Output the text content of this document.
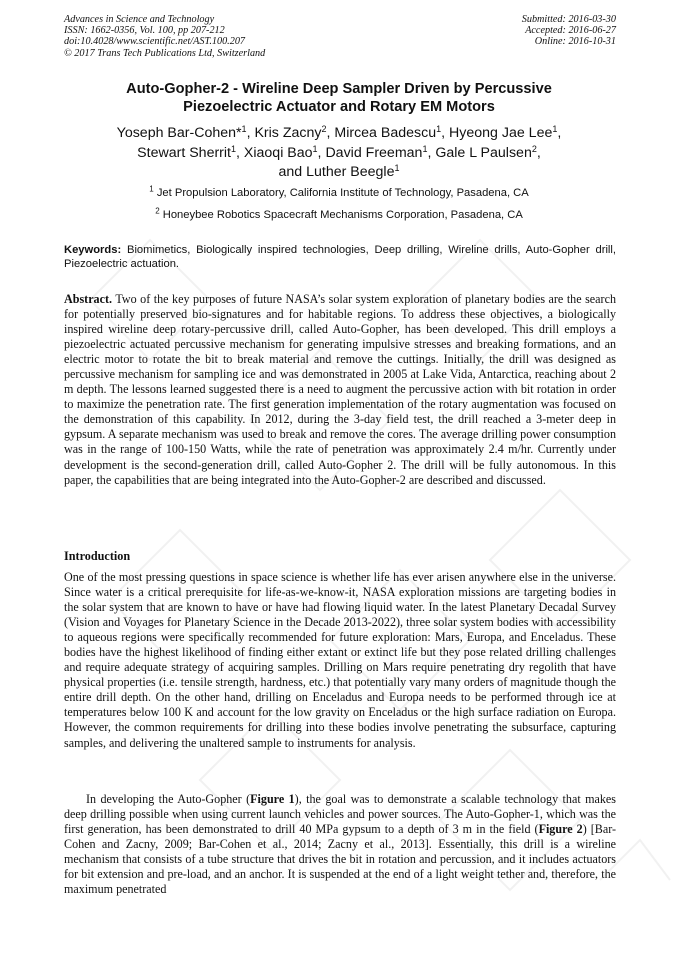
Advances in Science and Technology
ISSN: 1662-0356, Vol. 100, pp 207-212
doi:10.4028/www.scientific.net/AST.100.207
© 2017 Trans Tech Publications Ltd, Switzerland
Submitted: 2016-03-30
Accepted: 2016-06-27
Online: 2016-10-31
Auto-Gopher-2 - Wireline Deep Sampler Driven by Percussive
Piezoelectric Actuator and Rotary EM Motors
Yoseph Bar-Cohen*$^1$, Kris Zacny$^2$, Mircea Badescu$^1$, Hyeong Jae Lee$^1$,
Stewart Sherrit$^1$, Xiaoqi Bao$^1$, David Freeman$^1$, Gale L Paulsen$^2$,
and Luther Beegle$^1$
$^1$ Jet Propulsion Laboratory, California Institute of Technology, Pasadena, CA
$^2$ Honeybee Robotics Spacecraft Mechanisms Corporation, Pasadena, CA
Keywords: Biomimetics, Biologically inspired technologies, Deep drilling, Wireline drills, Auto-Gopher drill, Piezoelectric actuation.
Abstract. Two of the key purposes of future NASA’s solar system exploration of planetary bodies are the search for potentially preserved bio-signatures and for habitable regions. To address these objectives, a biologically inspired wireline deep rotary-percussive drill, called Auto-Gopher, has been developed. This drill employs a piezoelectric actuated percussive mechanism for generating impulsive stresses and breaking formations, and an electric motor to rotate the bit to break material and remove the cuttings. Initially, the drill was designed as percussive mechanism for sampling ice and was demonstrated in 2005 at Lake Vida, Antarctica, reaching about 2 m depth. The lessons learned suggested there is a need to augment the percussive action with bit rotation in order to maximize the penetration rate. The first generation implementation of the rotary augmentation was focused on the demonstration of this capability. In 2012, during the 3-day field test, the drill reached a 3-meter deep in gypsum. A separate mechanism was used to break and remove the cores. The average drilling power consumption was in the range of 100-150 Watts, while the rate of penetration was approximately 2.4 m/hr. Currently under development is the second-generation drill, called Auto-Gopher 2. The drill will be fully autonomous. In this paper, the capabilities that are being integrated into the Auto-Gopher-2 are described and discussed.
Introduction
One of the most pressing questions in space science is whether life has ever arisen anywhere else in the universe. Since water is a critical prerequisite for life-as-we-know-it, NASA exploration missions are targeting bodies in the solar system that are known to have or have had flowing liquid water. In the latest Planetary Decadal Survey (Vision and Voyages for Planetary Science in the Decade 2013-2022), three solar system bodies with accessibility to aqueous regions were specifically recommended for future exploration: Mars, Europa, and Enceladus. These bodies have the highest likelihood of finding either extant or extinct life but they pose related drilling challenges and require adequate strategy of acquiring samples. Drilling on Mars require penetrating dry regolith that have physical properties (i.e. tensile strength, hardness, etc.) that potentially vary many orders of magnitude though the entire drill depth. On the other hand, drilling on Enceladus and Europa needs to be performed through ice at temperatures below 100 K and account for the low gravity on Enceladus or the high surface radiation on Europa. However, the common requirements for drilling into these bodies involve penetrating the subsurface, capturing samples, and delivering the unaltered sample to instruments for analysis.
In developing the Auto-Gopher (Figure 1), the goal was to demonstrate a scalable technology that makes deep drilling possible when using current launch vehicles and power sources. The Auto-Gopher-1, which was the first generation, has been demonstrated to drill 40 MPa gypsum to a depth of 3 m in the field (Figure 2) [Bar-Cohen and Zacny, 2009; Bar-Cohen et al., 2014; Zacny et al., 2013]. Essentially, this drill is a wireline mechanism that consists of a tube structure that drives the bit in rotation and percussion, and it includes actuators for bit extension and pre-load, and an anchor. It is suspended at the end of a light weight tether and, therefore, the maximum penetrated
